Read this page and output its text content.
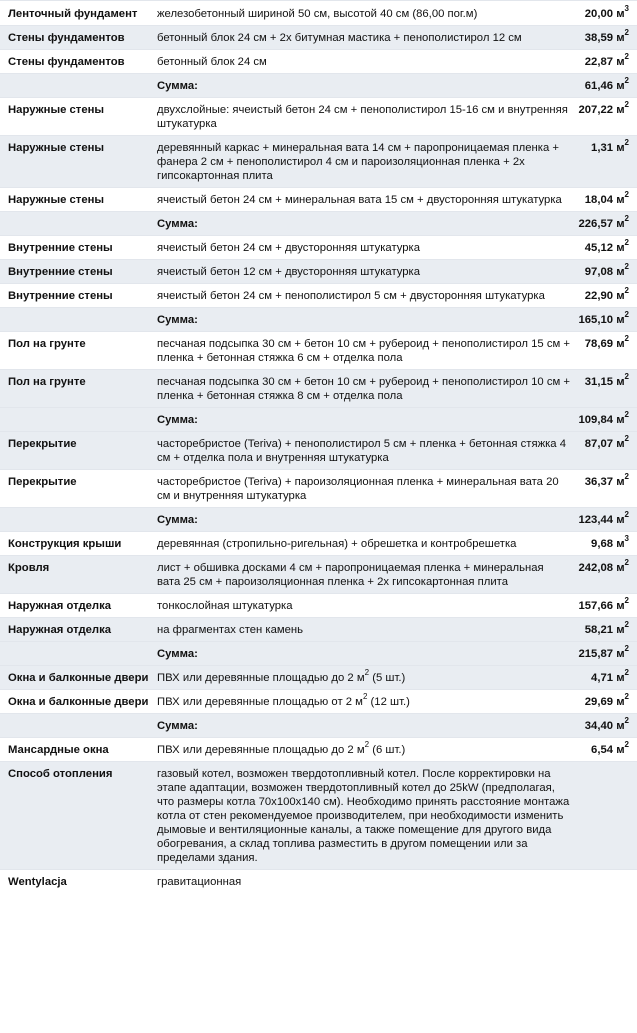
Ленточный фундамент	железобетонный шириной 50 см, высотой 40 см (86,00 пог.м)	20,00 $м^3$
Стены фундаментов	бетонный блок 24 см + 2х битумная мастика + пенополистирол 12 см	38,59 $м^2$
Стены фундаментов	бетонный блок 24 см	22,87 $м^2$
	Сумма:	61,46 $м^2$
Наружные стены	двухслойные: ячеистый бетон 24 см + пенополистирол 15-16 см и внутренняя штукатурка	207,22 $м^2$
Наружные стены	деревянный каркас + минеральная вата 14 см + паропроницаемая пленка + фанера 2 см + пенополистирол 4 см и пароизоляционная пленка + 2х гипсокартонная плита	1,31 $м^2$
Наружные стены	ячеистый бетон 24 см + минеральная вата 15 см + двусторонняя штукатурка	18,04 $м^2$
	Сумма:	226,57 $м^2$
Внутренние стены	ячеистый бетон 24 см + двусторонняя штукатурка	45,12 $м^2$
Внутренние стены	ячеистый бетон 12 см + двусторонняя штукатурка	97,08 $м^2$
Внутренние стены	ячеистый бетон 24 см + пенополистирол 5 см + двусторонняя штукатурка	22,90 $м^2$
	Сумма:	165,10 $м^2$
Пол на грунте	песчаная подсыпка 30 см + бетон 10 см + рубероид + пенополистирол 15 см + пленка + бетонная стяжка 6 см + отделка пола	78,69 $м^2$
Пол на грунте	песчаная подсыпка 30 см + бетон 10 см + рубероид + пенополистирол 10 см + пленка + бетонная стяжка 8 см + отделка пола	31,15 $м^2$
	Сумма:	109,84 $м^2$
Перекрытие	часторебристое (Teriva) + пенополистирол 5 см + пленка + бетонная стяжка 4 см + отделка пола и внутренняя штукатурка	87,07 $м^2$
Перекрытие	часторебристое (Teriva) + пароизоляционная пленка + минеральная вата 20 см и внутренняя штукатурка	36,37 $м^2$
	Сумма:	123,44 $м^2$
Конструкция крыши	деревянная (стропильно-ригельная) + обрешетка и контробрешетка	9,68 $м^3$
Кровля	лист + обшивка досками 4 см + паропроницаемая пленка + минеральная вата 25 см + пароизоляционная пленка + 2х гипсокартонная плита	242,08 $м^2$
Наружная отделка	тонкослойная штукатурка	157,66 $м^2$
Наружная отделка	на фрагментах стен камень	58,21 $м^2$
	Сумма:	215,87 $м^2$
Окна и балконные двери	ПВХ или деревянные площадью до 2 $м^2$ (5 шт.)	4,71 $м^2$
Окна и балконные двери	ПВХ или деревянные площадью от 2 $м^2$ (12 шт.)	29,69 $м^2$
	Сумма:	34,40 $м^2$
Мансардные окна	ПВХ или деревянные площадью до 2 $м^2$ (6 шт.)	6,54 $м^2$
Способ отопления	газовый котел, возможен твердотопливный котел. После корректировки на этапе адаптации, возможен твердотопливный котел до 25kW (предполагая, что размеры котла 70x100x140 см). Необходимо принять расстояние монтажа котла от стен рекомендуемое производителем, при необходимости изменить дымовые и вентиляционные каналы, а также помещение для другого вида обогревания, а склад топлива разместить в другом помещении или за пределами здания.	
Wentylacja	гравитационная	
